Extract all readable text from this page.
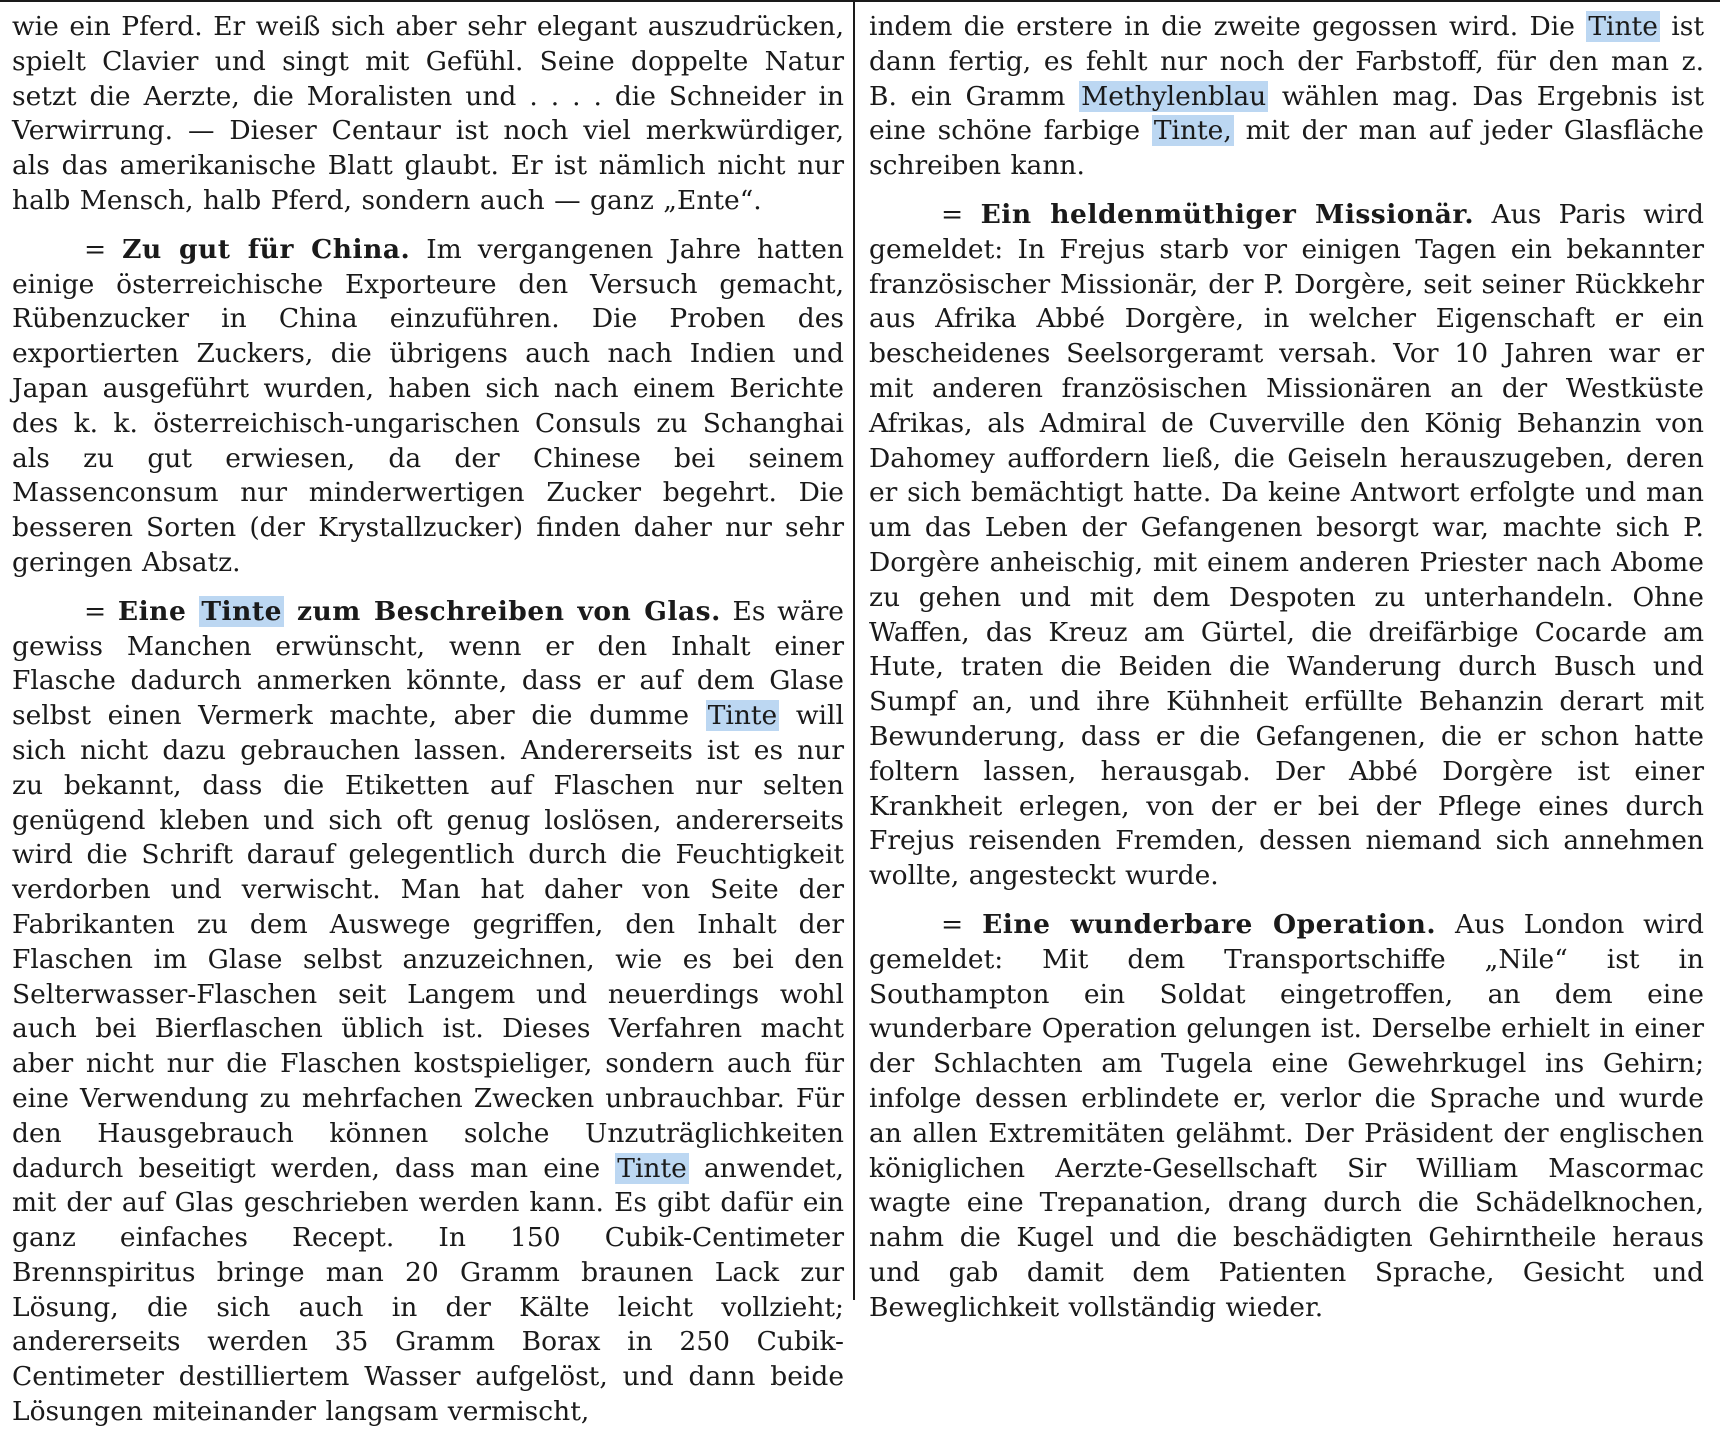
wie ein Pferd. Er weiß sich aber sehr elegant auszudrücken, spielt Clavier und singt mit Gefühl. Seine doppelte Natur setzt die Aerzte, die Moralisten und . . . . die Schneider in Verwirrung. — Dieser Centaur ist noch viel merkwürdiger, als das amerikanische Blatt glaubt. Er ist nämlich nicht nur halb Mensch, halb Pferd, sondern auch — ganz „Ente“.

= Zu gut für China. Im vergangenen Jahre hatten einige österreichische Exporteure den Versuch gemacht, Rübenzucker in China einzuführen. Die Proben des exportierten Zuckers, die übrigens auch nach Indien und Japan ausgeführt wurden, haben sich nach einem Berichte des k. k. österreichisch-ungarischen Consuls zu Schanghai als zu gut erwiesen, da der Chinese bei seinem Massenconsum nur minderwertigen Zucker begehrt. Die besseren Sorten (der Krystallzucker) finden daher nur sehr geringen Absatz.

= Eine Tinte zum Beschreiben von Glas. Es wäre gewiss Manchen erwünscht, wenn er den Inhalt einer Flasche dadurch anmerken könnte, dass er auf dem Glase selbst einen Vermerk machte, aber die dumme Tinte will sich nicht dazu gebrauchen lassen. Andererseits ist es nur zu bekannt, dass die Etiketten auf Flaschen nur selten genügend kleben und sich oft genug loslösen, andererseits wird die Schrift darauf gelegentlich durch die Feuchtigkeit verdorben und verwischt. Man hat daher von Seite der Fabrikanten zu dem Auswege gegriffen, den Inhalt der Flaschen im Glase selbst anzuzeichnen, wie es bei den Selterwasser-Flaschen seit Langem und neuerdings wohl auch bei Bierflaschen üblich ist. Dieses Verfahren macht aber nicht nur die Flaschen kostspieliger, sondern auch für eine Verwendung zu mehrfachen Zwecken unbrauchbar. Für den Hausgebrauch können solche Unzuträglichkeiten dadurch beseitigt werden, dass man eine Tinte anwendet, mit der auf Glas geschrieben werden kann. Es gibt dafür ein ganz einfaches Recept. In 150 Cubik-Centimeter Brennspiritus bringe man 20 Gramm braunen Lack zur Lösung, die sich auch in der Kälte leicht vollzieht; andererseits werden 35 Gramm Borax in 250 Cubik-Centimeter destilliertem Wasser aufgelöst, und dann beide Lösungen miteinander langsam vermischt,

indem die erstere in die zweite gegossen wird. Die Tinte ist dann fertig, es fehlt nur noch der Farbstoff, für den man z. B. ein Gramm Methylenblau wählen mag. Das Ergebnis ist eine schöne farbige Tinte, mit der man auf jeder Glasfläche schreiben kann.

= Ein heldenmüthiger Missionär. Aus Paris wird gemeldet: In Frejus starb vor einigen Tagen ein bekannter französischer Missionär, der P. Dorgère, seit seiner Rückkehr aus Afrika Abbé Dorgère, in welcher Eigenschaft er ein bescheidenes Seelsorgeramt versah. Vor 10 Jahren war er mit anderen französischen Missionären an der Westküste Afrikas, als Admiral de Cuverville den König Behanzin von Dahomey auffordern ließ, die Geiseln herauszugeben, deren er sich bemächtigt hatte. Da keine Antwort erfolgte und man um das Leben der Gefangenen besorgt war, machte sich P. Dorgère anheischig, mit einem anderen Priester nach Abome zu gehen und mit dem Despoten zu unterhandeln. Ohne Waffen, das Kreuz am Gürtel, die dreifärbige Cocarde am Hute, traten die Beiden die Wanderung durch Busch und Sumpf an, und ihre Kühnheit erfüllte Behanzin derart mit Bewunderung, dass er die Gefangenen, die er schon hatte foltern lassen, herausgab. Der Abbé Dorgère ist einer Krankheit erlegen, von der er bei der Pflege eines durch Frejus reisenden Fremden, dessen niemand sich annehmen wollte, angesteckt wurde.

= Eine wunderbare Operation. Aus London wird gemeldet: Mit dem Transportschiffe „Nile“ ist in Southampton ein Soldat eingetroffen, an dem eine wunderbare Operation gelungen ist. Derselbe erhielt in einer der Schlachten am Tugela eine Gewehrkugel ins Gehirn; infolge dessen erblindete er, verlor die Sprache und wurde an allen Extremitäten gelähmt. Der Präsident der englischen königlichen Aerzte-Gesellschaft Sir William Mascormac wagte eine Trepanation, drang durch die Schädelknochen, nahm die Kugel und die beschädigten Gehirntheile heraus und gab damit dem Patienten Sprache, Gesicht und Beweglichkeit vollständig wieder.
